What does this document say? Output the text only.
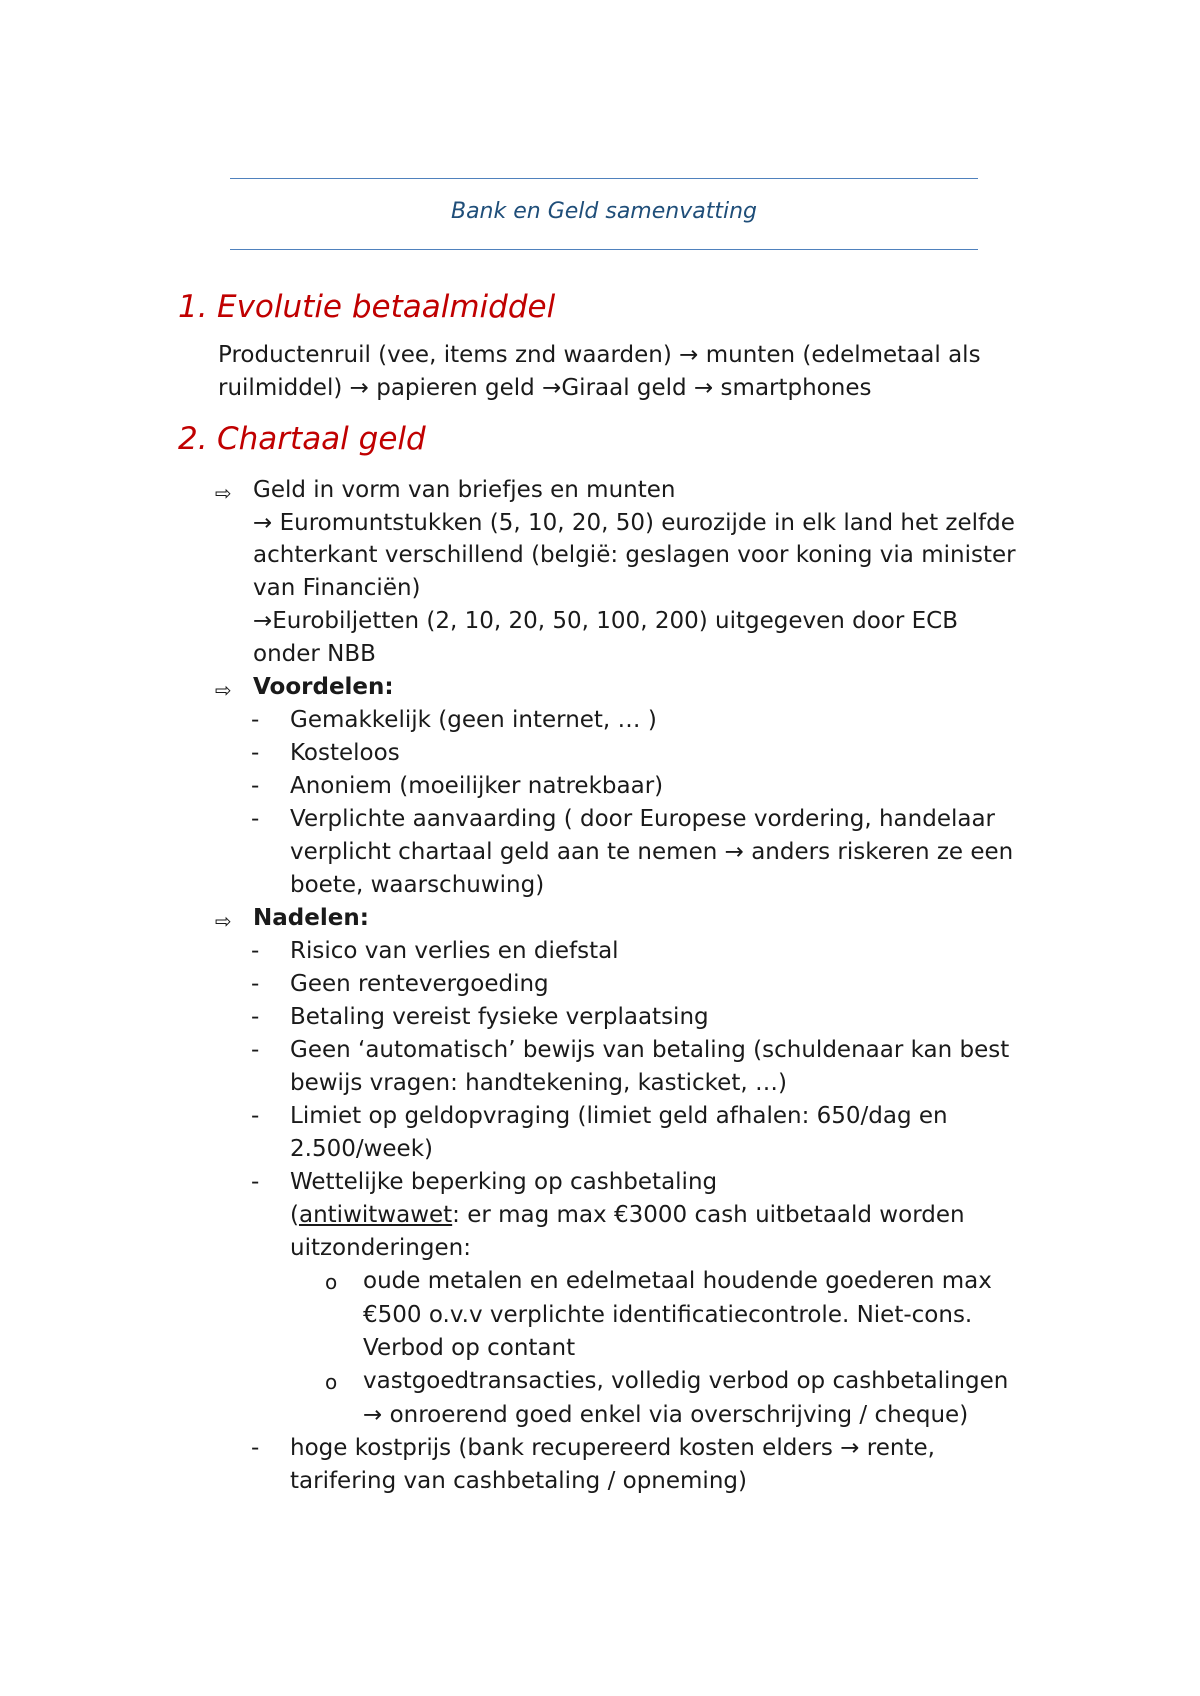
Bank en Geld samenvatting
1. Evolutie betaalmiddel
Productenruil (vee, items znd waarden) → munten (edelmetaal als
ruilmiddel) → papieren geld →Giraal geld → smartphones
2. Chartaal geld
⇨ Geld in vorm van briefjes en munten
→ Euromuntstukken (5, 10, 20, 50) eurozijde in elk land het zelfde
achterkant verschillend (belgië: geslagen voor koning via minister
van Financiën)
→Eurobiljetten (2, 10, 20, 50, 100, 200) uitgegeven door ECB
onder NBB
⇨ Voordelen:
- Gemakkelijk (geen internet, … )
- Kosteloos
- Anoniem (moeilijker natrekbaar)
- Verplichte aanvaarding ( door Europese vordering, handelaar
verplicht chartaal geld aan te nemen → anders riskeren ze een
boete, waarschuwing)
⇨ Nadelen:
- Risico van verlies en diefstal
- Geen rentevergoeding
- Betaling vereist fysieke verplaatsing
- Geen ‘automatisch’ bewijs van betaling (schuldenaar kan best
bewijs vragen: handtekening, kasticket, …)
- Limiet op geldopvraging (limiet geld afhalen: 650/dag en
2.500/week)
- Wettelijke beperking op cashbetaling
(antiwitwawet: er mag max €3000 cash uitbetaald worden
uitzonderingen:
o oude metalen en edelmetaal houdende goederen max
€500 o.v.v verplichte identificatiecontrole. Niet-cons.
Verbod op contant
o vastgoedtransacties, volledig verbod op cashbetalingen
→ onroerend goed enkel via overschrijving / cheque)
- hoge kostprijs (bank recupereerd kosten elders → rente,
tarifering van cashbetaling / opneming)
